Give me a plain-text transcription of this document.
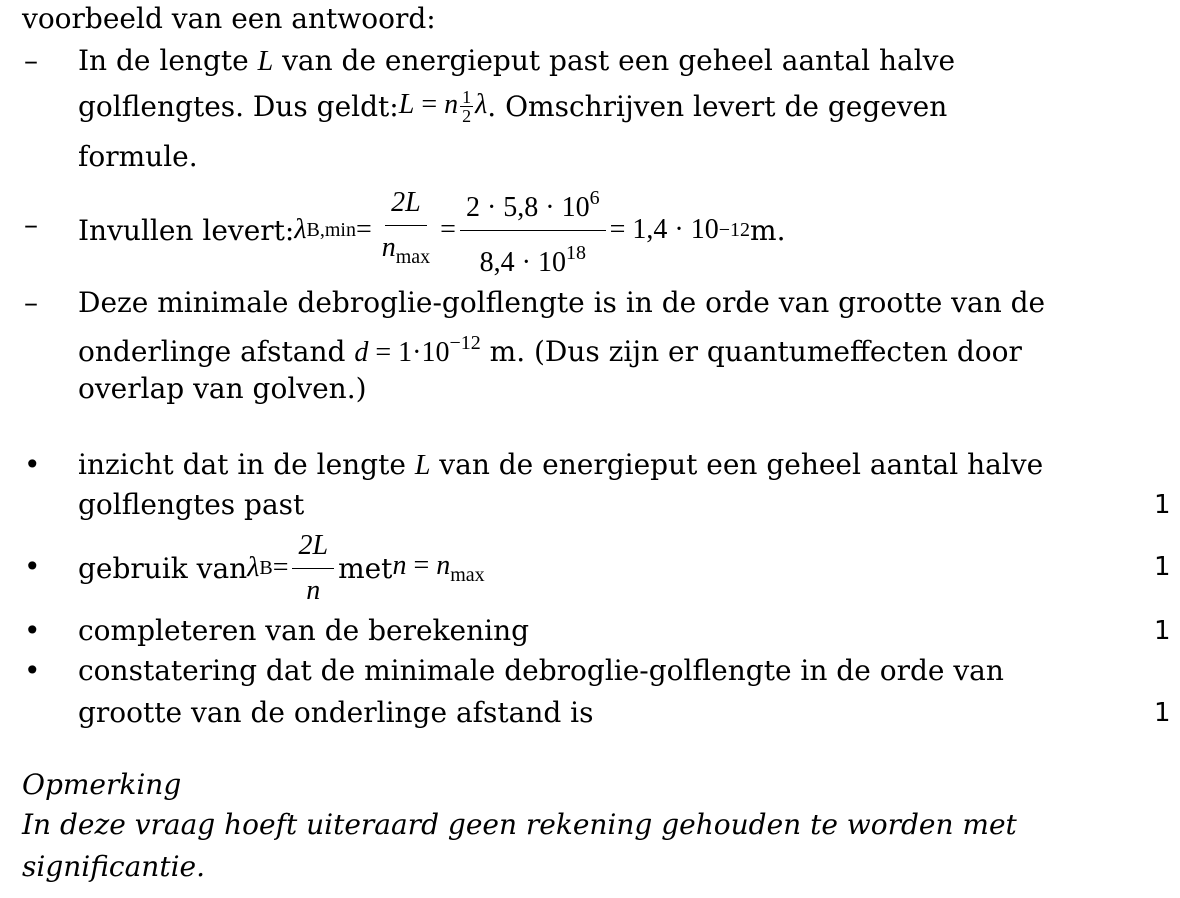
voorbeeld van een antwoord:
– In de lengte L van de energieput past een geheel aantal halve
golflengtes. Dus geldt: L = n $\frac{1}{2}$ λ . Omschrijven levert de gegeven
formule.
– Invullen levert: λ $B,\min = \frac{2L}{n_{max}} = \frac{2 \cdot 5,8 \cdot 10^6}{8,4 \cdot 10^{18}} = 1,4 \cdot 10 -12$ m.
– Deze minimale debroglie-golflengte is in de orde van grootte van de
onderlinge afstand $d = 1\cdot 10^{-12}$ m. (Dus zijn er quantumeffecten door
overlap van golven.)
• inzicht dat in de lengte L van de energieput een geheel aantal halve
golflengtes past	1
• gebruik van λ $B = \frac{2L}{n}$ met $n = n_{max}$	1
• completeren van de berekening	1
• constatering dat de minimale debroglie-golflengte in de orde van
grootte van de onderlinge afstand is	1
Opmerking
In deze vraag hoeft uiteraard geen rekening gehouden te worden met
significantie.
